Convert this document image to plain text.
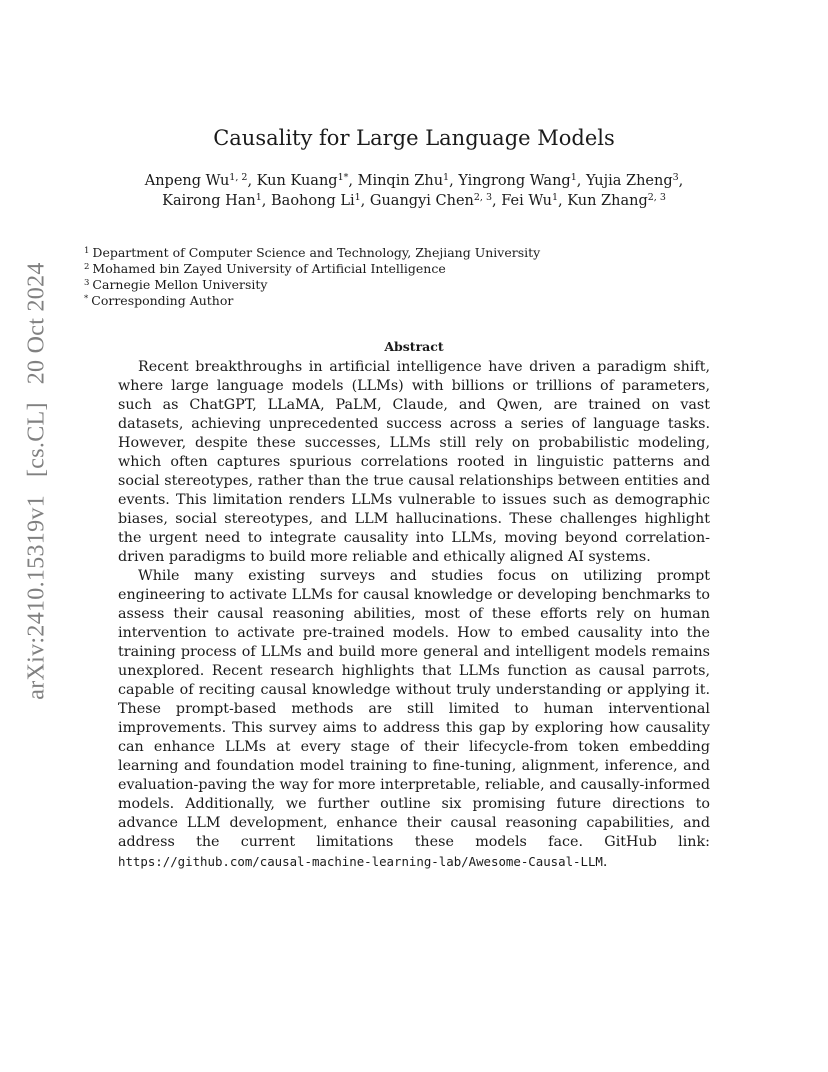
arXiv:2410.15319v1[cs.CL]20 Oct 2024
Causality for Large Language Models
Anpeng Wu$^{1, 2}$, Kun Kuang$^{1*}$, Minqin Zhu$^1$, Yingrong Wang$^1$, Yujia Zheng$^3$,
Kairong Han$^1$, Baohong Li$^1$, Guangyi Chen$^{2, 3}$, Fei Wu$^1$, Kun Zhang$^{2, 3}$
$^1$ Department of Computer Science and Technology, Zhejiang University
$^2$ Mohamed bin Zayed University of Artificial Intelligence
$^3$ Carnegie Mellon University
* Corresponding Author
Abstract

Recent breakthroughs in artificial intelligence have driven a paradigm shift, where large language models (LLMs) with billions or trillions of parameters, such as ChatGPT, LLaMA, PaLM, Claude, and Qwen, are trained on vast datasets, achieving unprecedented success across a series of language tasks. However, despite these successes, LLMs still rely on probabilistic modeling, which often captures spurious correlations rooted in linguistic patterns and social stereotypes, rather than the true causal relationships between entities and events. This limitation renders LLMs vulnerable to issues such as demographic biases, social stereotypes, and LLM hallucinations. These challenges highlight the urgent need to integrate causality into LLMs, moving beyond correlation-driven paradigms to build more reliable and ethically aligned AI systems.

While many existing surveys and studies focus on utilizing prompt engineering to activate LLMs for causal knowledge or developing benchmarks to assess their causal reasoning abilities, most of these efforts rely on human intervention to activate pre-trained models. How to embed causality into the training process of LLMs and build more general and intelligent models remains unexplored. Recent research highlights that LLMs function as causal parrots, capable of reciting causal knowledge without truly understanding or applying it. These prompt-based methods are still limited to human interventional improvements. This survey aims to address this gap by exploring how causality can enhance LLMs at every stage of their lifecycle-from token embedding learning and foundation model training to fine-tuning, alignment, inference, and evaluation-paving the way for more interpretable, reliable, and causally-informed models. Additionally, we further outline six promising future directions to advance LLM development, enhance their causal reasoning capabilities, and address the current limitations these models face. GitHub link: https://github.com/causal-machine-learning-lab/Awesome-Causal-LLM.
